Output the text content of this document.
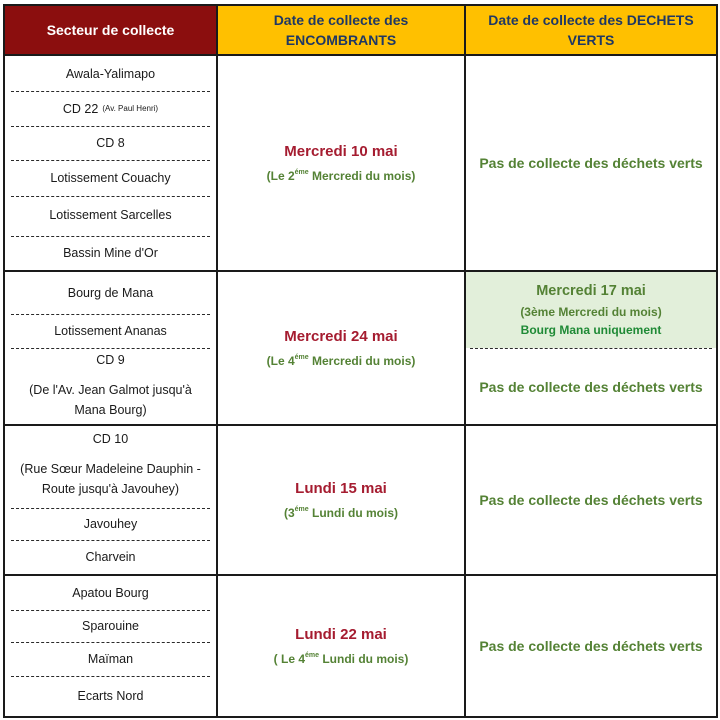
Secteur de collecte
Date de collecte des ENCOMBRANTS
Date de collecte des DECHETS VERTS
Awala-Yalimapo
CD 22 (Av. Paul Henri)
CD 8
Lotissement Couachy
Lotissement Sarcelles
Bassin Mine d'Or
Mercredi 10 mai
(Le $2^{éme}$ Mercredi du mois)
Pas de collecte des déchets verts
Bourg de Mana
Lotissement Ananas
CD 9
(De l'Av. Jean Galmot jusqu'à Mana Bourg)
Mercredi 24 mai
(Le $4^{éme}$ Mercredi du mois)
Mercredi 17 mai
(3ème Mercredi du mois)
Bourg Mana uniquement
Pas de collecte des déchets verts
CD 10
(Rue Sœur Madeleine Dauphin - Route jusqu'à Javouhey)
Javouhey
Charvein
Lundi 15 mai
($3^{éme}$ Lundi du mois)
Pas de collecte des déchets verts
Apatou Bourg
Sparouine
Maïman
Ecarts Nord
Lundi 22 mai
( Le $4^{éme}$ Lundi du mois)
Pas de collecte des déchets verts
